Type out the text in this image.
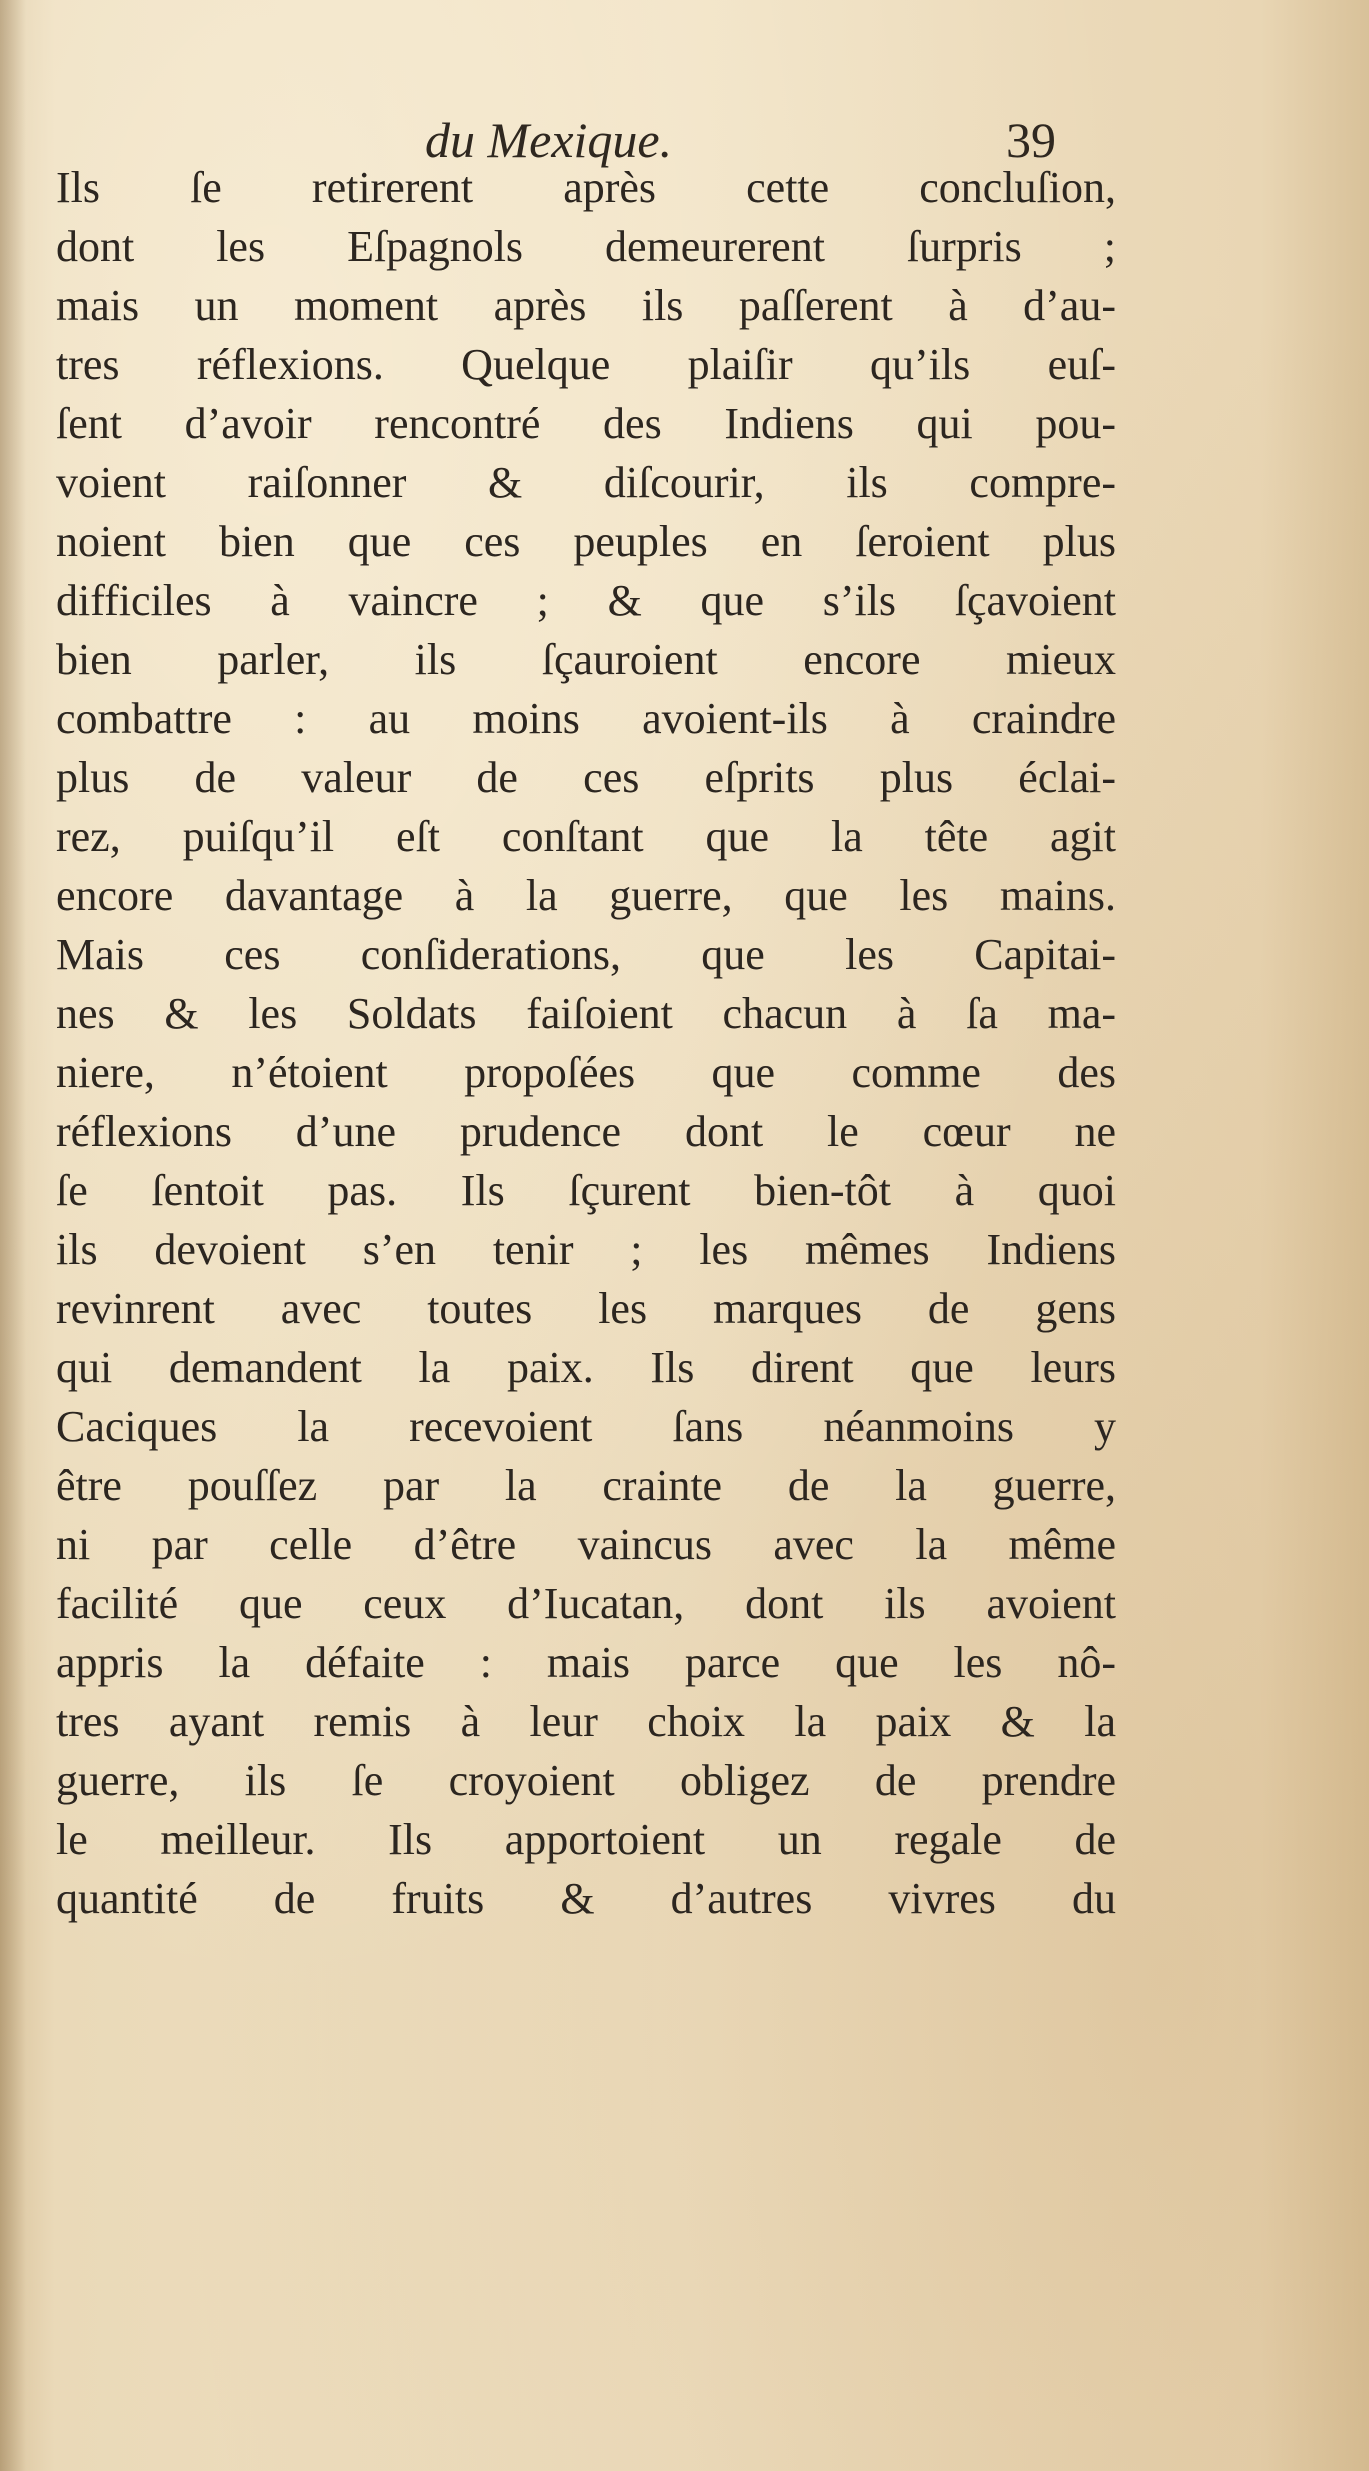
du Mexique.	39
Ils ſe retirerent après cette concluſion,
dont les Eſpagnols demeurerent ſurpris ;
mais un moment après ils paſſerent à d’au-
tres réflexions. Quelque plaiſir qu’ils euſ-
ſent d’avoir rencontré des Indiens qui pou-
voient raiſonner & diſcourir, ils compre-
noient bien que ces peuples en ſeroient plus
difficiles à vaincre ; & que s’ils ſçavoient
bien parler, ils ſçauroient encore mieux
combattre : au moins avoient-ils à craindre
plus de valeur de ces eſprits plus éclai-
rez, puiſqu’il eſt conſtant que la tête agit
encore davantage à la guerre, que les mains.
Mais ces conſiderations, que les Capitai-
nes & les Soldats faiſoient chacun à ſa ma-
niere, n’étoient propoſées que comme des
réflexions d’une prudence dont le cœur ne
ſe ſentoit pas. Ils ſçurent bien-tôt à quoi
ils devoient s’en tenir ; les mêmes Indiens
revinrent avec toutes les marques de gens
qui demandent la paix. Ils dirent que leurs
Caciques la recevoient ſans néanmoins y
être pouſſez par la crainte de la guerre,
ni par celle d’être vaincus avec la même
facilité que ceux d’Iucatan, dont ils avoient
appris la défaite : mais parce que les nô-
tres ayant remis à leur choix la paix & la
guerre, ils ſe croyoient obligez de prendre
le meilleur. Ils apportoient un regale de
quantité de fruits & d’autres vivres du
